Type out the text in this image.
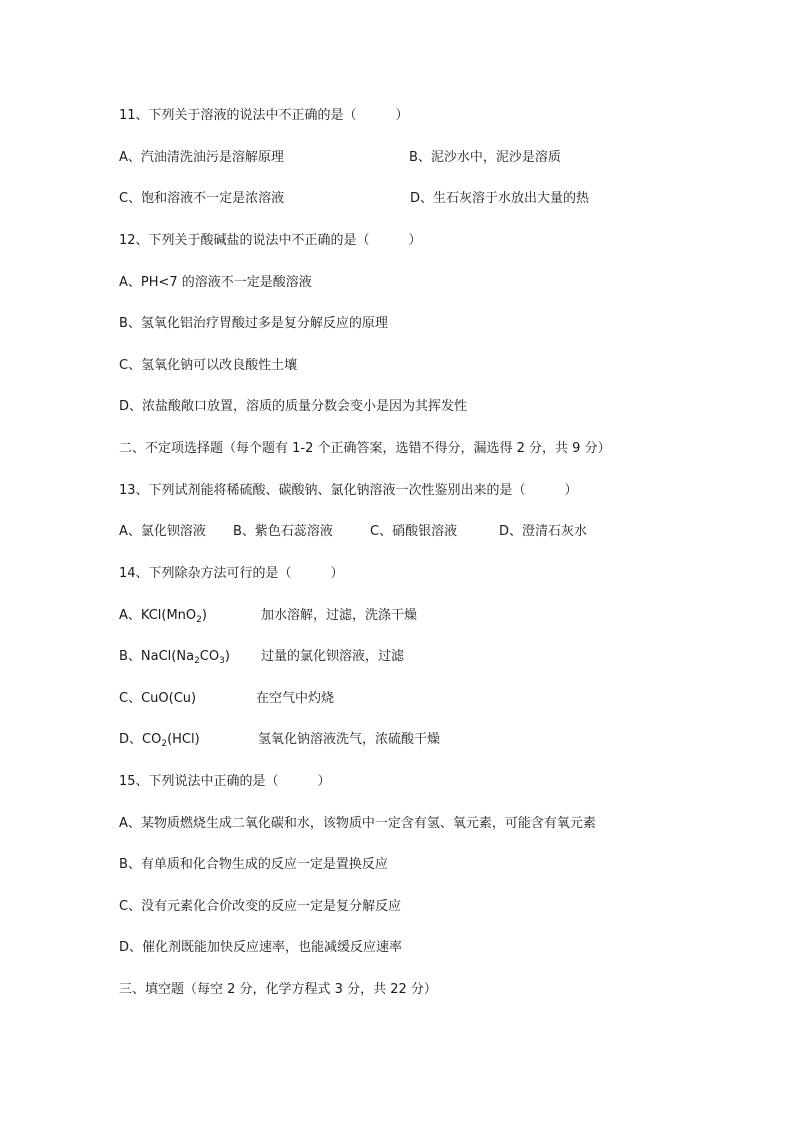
11、下列关于溶液的说法中不正确的是（　　　）
A、汽油清洗油污是溶解原理	B、泥沙水中，泥沙是溶质
C、饱和溶液不一定是浓溶液	D、生石灰溶于水放出大量的热
12、下列关于酸碱盐的说法中不正确的是（　　　）
A、PH<7 的溶液不一定是酸溶液
B、氢氧化铝治疗胃酸过多是复分解反应的原理
C、氢氧化钠可以改良酸性土壤
D、浓盐酸敞口放置，溶质的质量分数会变小是因为其挥发性
二、不定项选择题（每个题有 1-2 个正确答案，选错不得分，漏选得 2 分，共 9 分）
13、下列试剂能将稀硫酸、碳酸钠、氯化钠溶液一次性鉴别出来的是（　　　）
A、氯化钡溶液 B、紫色石蕊溶液	C、硝酸银溶液	D、澄清石灰水
14、下列除杂方法可行的是（　　　）
A、KCl(MnO$_2$)	加水溶解，过滤，洗涤干燥
B、$NaCl(Na_2CO_3)$ 过量的氯化钡溶液，过滤
C、CuO(Cu)	在空气中灼烧
D、$CO_2(HCl)$	氢氧化钠溶液洗气，浓硫酸干燥
15、下列说法中正确的是（　　　）
A、某物质燃烧生成二氧化碳和水，该物质中一定含有氢、氧元素，可能含有氧元素
B、有单质和化合物生成的反应一定是置换反应
C、没有元素化合价改变的反应一定是复分解反应
D、催化剂既能加快反应速率，也能减缓反应速率
三、填空题（每空 2 分，化学方程式 3 分，共 22 分）
